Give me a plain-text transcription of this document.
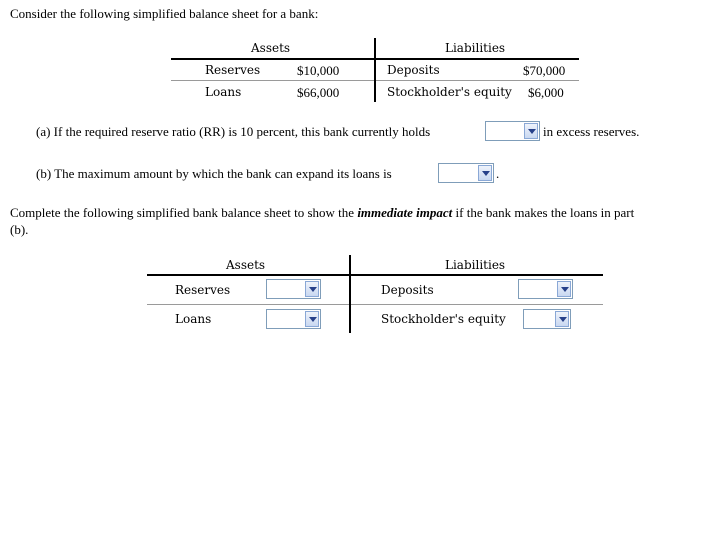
Consider the following simplified balance sheet for a bank:
Assets	Liabilities
Reserves	$10,000	Deposits	$70,000
Loans	$66,000	Stockholder's equity $6,000
(a) If the required reserve ratio (RR) is 10 percent, this bank currently holds	in excess reserves.
(b) The maximum amount by which the bank can expand its loans is	.
Complete the following simplified bank balance sheet to show the immediate impact if the bank makes the loans in part
(b).
Assets	Liabilities
Reserves	Deposits
Loans	Stockholder's equity
